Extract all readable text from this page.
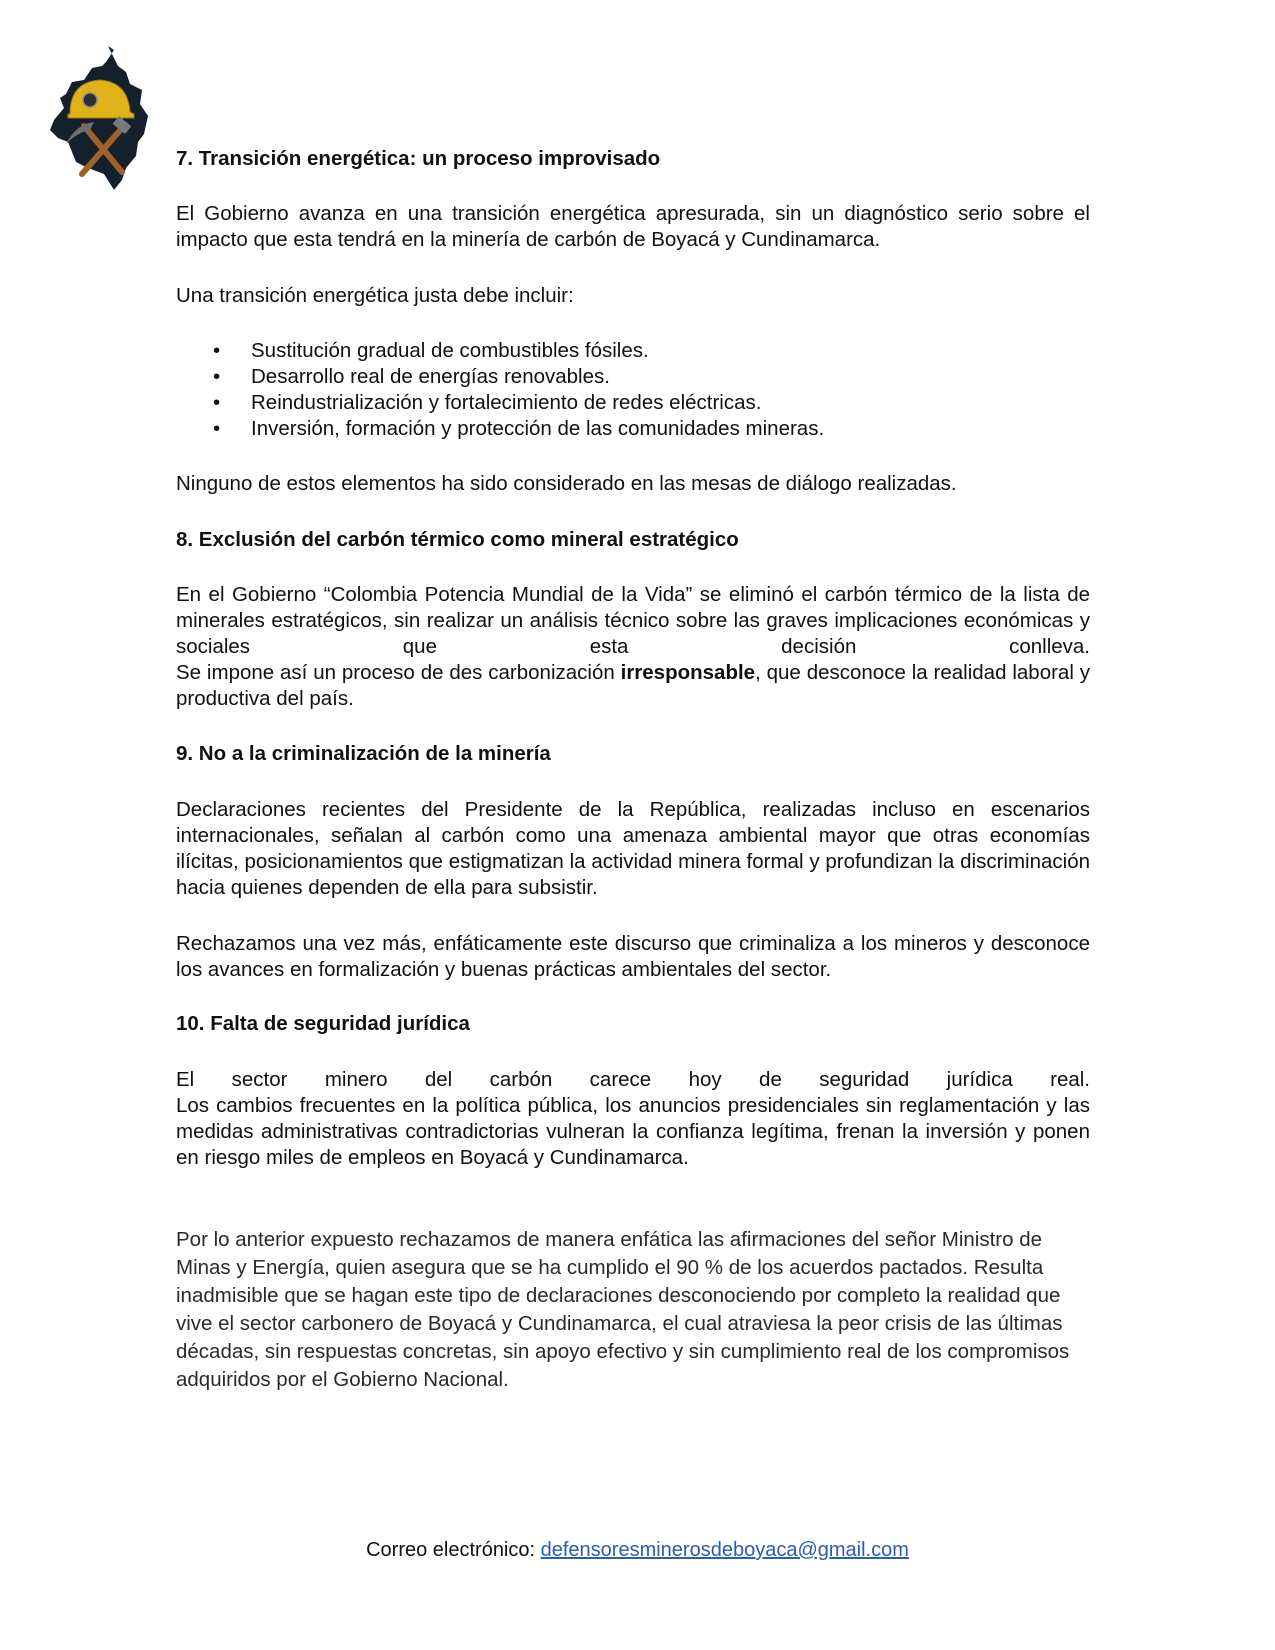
7. Transición energética: un proceso improvisado

El Gobierno avanza en una transición energética apresurada, sin un diagnóstico serio sobre el impacto que esta tendrá en la minería de carbón de Boyacá y Cundinamarca.

Una transición energética justa debe incluir:

• Sustitución gradual de combustibles fósiles.
• Desarrollo real de energías renovables.
• Reindustrialización y fortalecimiento de redes eléctricas.
• Inversión, formación y protección de las comunidades mineras.

Ninguno de estos elementos ha sido considerado en las mesas de diálogo realizadas.

8. Exclusión del carbón térmico como mineral estratégico

En el Gobierno “Colombia Potencia Mundial de la Vida” se eliminó el carbón térmico de la lista de minerales estratégicos, sin realizar un análisis técnico sobre las graves implicaciones económicas y sociales que esta decisión conlleva.

Se impone así un proceso de des carbonización irresponsable, que desconoce la realidad laboral y productiva del país.

9. No a la criminalización de la minería

Declaraciones recientes del Presidente de la República, realizadas incluso en escenarios internacionales, señalan al carbón como una amenaza ambiental mayor que otras economías ilícitas, posicionamientos que estigmatizan la actividad minera formal y profundizan la discriminación hacia quienes dependen de ella para subsistir.

Rechazamos una vez más, enfáticamente este discurso que criminaliza a los mineros y desconoce los avances en formalización y buenas prácticas ambientales del sector.

10. Falta de seguridad jurídica

El sector minero del carbón carece hoy de seguridad jurídica real.

Los cambios frecuentes en la política pública, los anuncios presidenciales sin reglamentación y las medidas administrativas contradictorias vulneran la confianza legítima, frenan la inversión y ponen en riesgo miles de empleos en Boyacá y Cundinamarca.

Por lo anterior expuesto rechazamos de manera enfática las afirmaciones del señor Ministro de Minas y Energía, quien asegura que se ha cumplido el 90 % de los acuerdos pactados. Resulta inadmisible que se hagan este tipo de declaraciones desconociendo por completo la realidad que vive el sector carbonero de Boyacá y Cundinamarca, el cual atraviesa la peor crisis de las últimas décadas, sin respuestas concretas, sin apoyo efectivo y sin cumplimiento real de los compromisos adquiridos por el Gobierno Nacional.

Correo electrónico: defensoresminerosdeboyaca@gmail.com
